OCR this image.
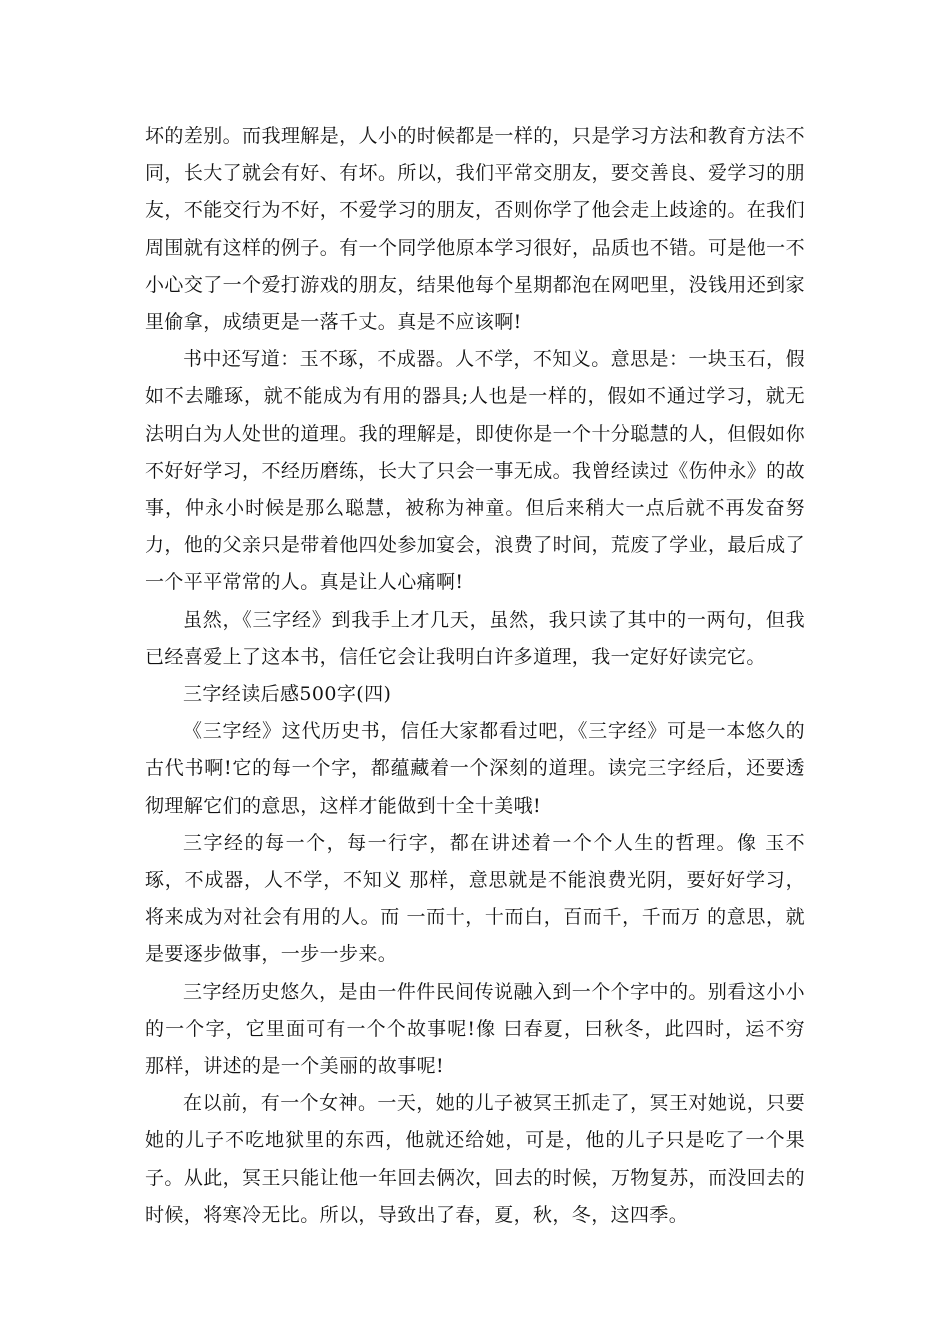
坏的差别。而我理解是，人小的时候都是一样的，只是学习方法和教育方法不同，长大了就会有好、有坏。所以，我们平常交朋友，要交善良、爱学习的朋友，不能交行为不好，不爱学习的朋友，否则你学了他会走上歧途的。在我们周围就有这样的例子。有一个同学他原本学习很好，品质也不错。可是他一不小心交了一个爱打游戏的朋友，结果他每个星期都泡在网吧里，没钱用还到家里偷拿，成绩更是一落千丈。真是不应该啊!

书中还写道：玉不琢，不成器。人不学，不知义。意思是：一块玉石，假如不去雕琢，就不能成为有用的器具;人也是一样的，假如不通过学习，就无法明白为人处世的道理。我的理解是，即使你是一个十分聪慧的人，但假如你不好好学习，不经历磨练，长大了只会一事无成。我曾经读过《伤仲永》的故事，仲永小时候是那么聪慧，被称为神童。但后来稍大一点后就不再发奋努力，他的父亲只是带着他四处参加宴会，浪费了时间，荒废了学业，最后成了一个平平常常的人。真是让人心痛啊!

虽然，《三字经》到我手上才几天，虽然，我只读了其中的一两句，但我已经喜爱上了这本书，信任它会让我明白许多道理，我一定好好读完它。

三字经读后感500字(四)

《三字经》这代历史书，信任大家都看过吧，《三字经》可是一本悠久的古代书啊!它的每一个字，都蕴藏着一个深刻的道理。读完三字经后，还要透彻理解它们的意思，这样才能做到十全十美哦!

三字经的每一个，每一行字，都在讲述着一个个人生的哲理。像 玉不琢，不成器，人不学，不知义 那样，意思就是不能浪费光阴，要好好学习，将来成为对社会有用的人。而 一而十，十而白，百而千，千而万 的意思，就是要逐步做事，一步一步来。

三字经历史悠久，是由一件件民间传说融入到一个个字中的。别看这小小的一个字，它里面可有一个个故事呢!像 曰春夏，曰秋冬，此四时，运不穷 那样，讲述的是一个美丽的故事呢!

在以前，有一个女神。一天，她的儿子被冥王抓走了，冥王对她说，只要她的儿子不吃地狱里的东西，他就还给她，可是，他的儿子只是吃了一个果子。从此，冥王只能让他一年回去俩次，回去的时候，万物复苏，而没回去的时候，将寒冷无比。所以，导致出了春，夏，秋，冬，这四季。
